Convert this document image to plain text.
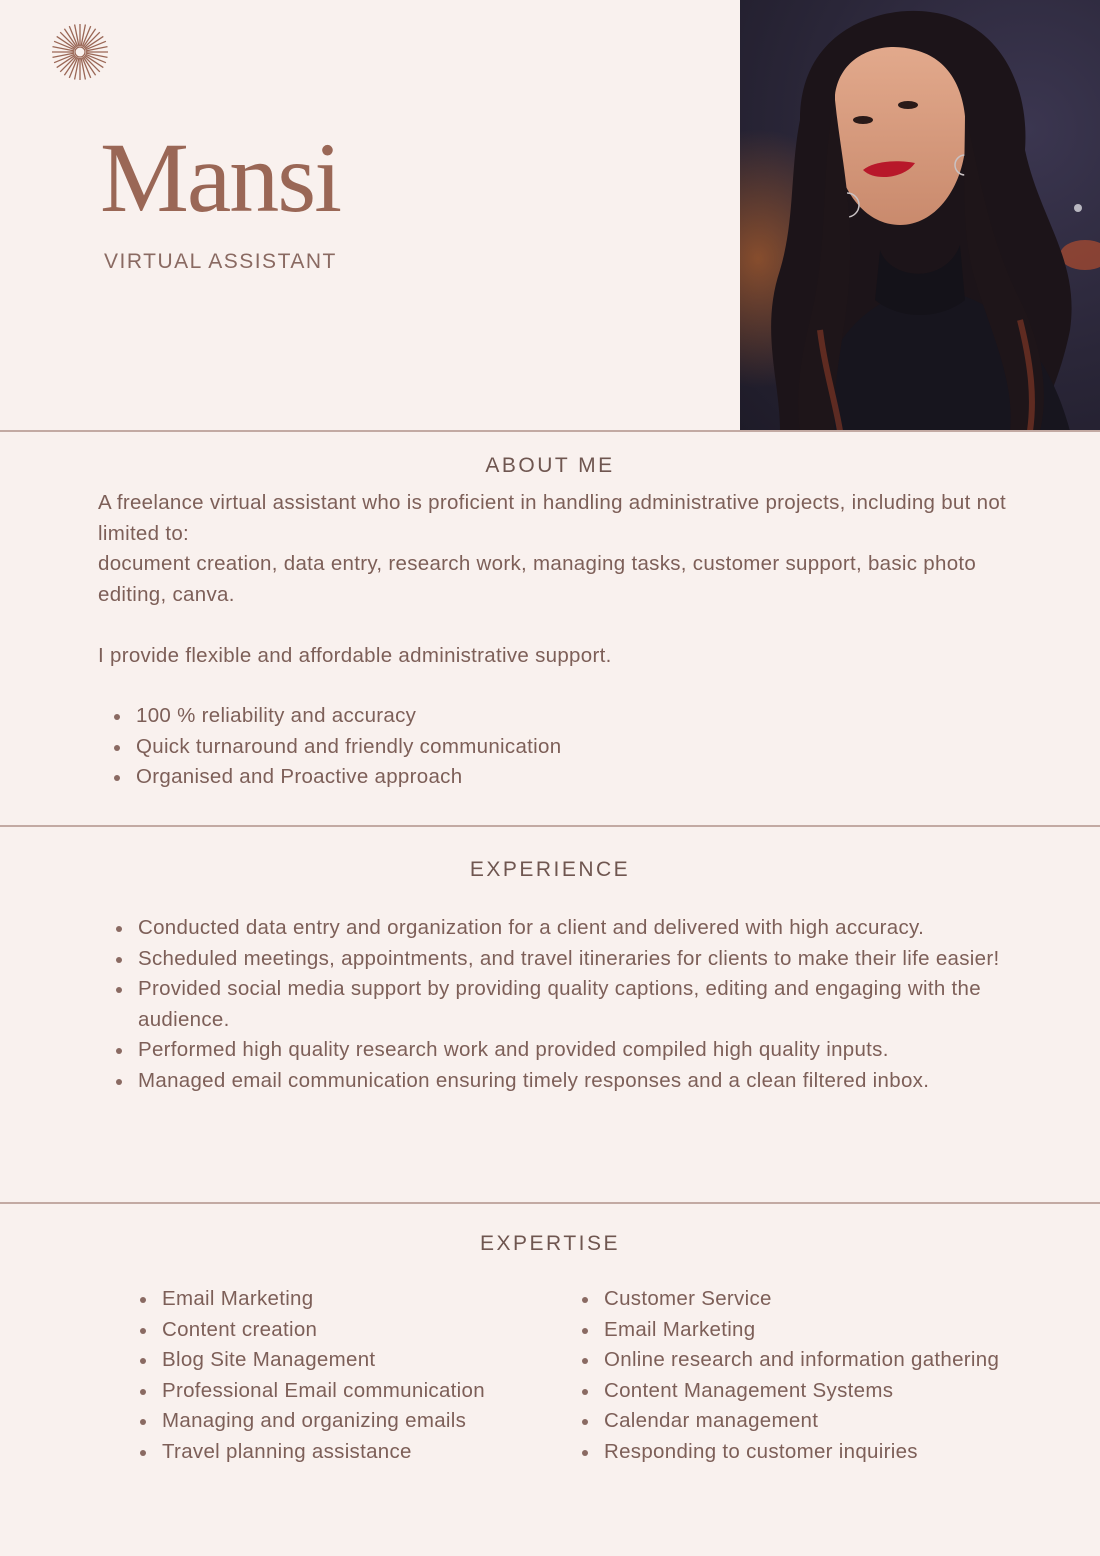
Mansi
VIRTUAL ASSISTANT
ABOUT ME

A freelance virtual assistant who is proficient in handling administrative projects, including but not limited to:

document creation, data entry, research work, managing tasks, customer support, basic photo editing, canva.

I provide flexible and affordable administrative support.

100 % reliability and accuracy
Quick turnaround and friendly communication
Organised and Proactive approach
EXPERIENCE
Conducted data entry and organization for a client and delivered with high accuracy.
Scheduled meetings, appointments, and travel itineraries for clients to make their life easier!
Provided social media support by providing quality captions, editing and engaging with the audience.
Performed high quality research work and provided compiled high quality inputs.
Managed email communication ensuring timely responses and a clean filtered inbox.
EXPERTISE
Email Marketing
Content creation
Blog Site Management
Professional Email communication
Managing and organizing emails
Travel planning assistance
Customer Service
Email Marketing
Online research and information gathering
Content Management Systems
Calendar management
Responding to customer inquiries
